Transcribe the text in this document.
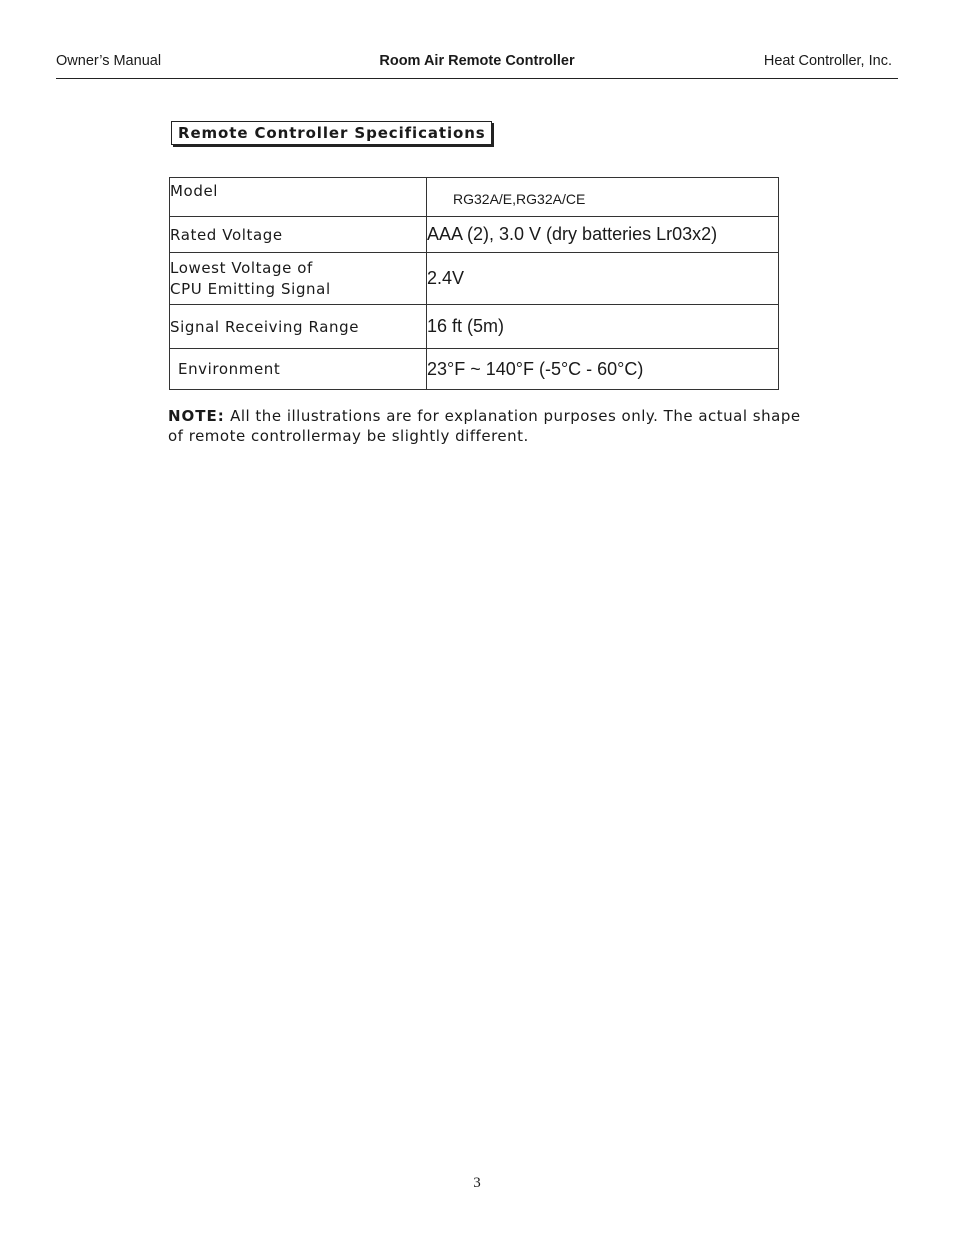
Owner’s Manual	Room Air Remote Controller	Heat Controller, Inc.
Remote Controller Specifications
Model	RG32A/E,RG32A/CE
Rated Voltage	AAA (2), 3.0 V (dry batteries Lr03x2)

Lowest Voltage of
CPU Emitting Signal	2.4V
Signal Receiving Range	16 ft (5m)
Environment	23°F ~ 140°F (-5°C - 60°C)
NOTE: All the illustrations are for explanation purposes only. The actual shape of remote controllermay be slightly different.
3
